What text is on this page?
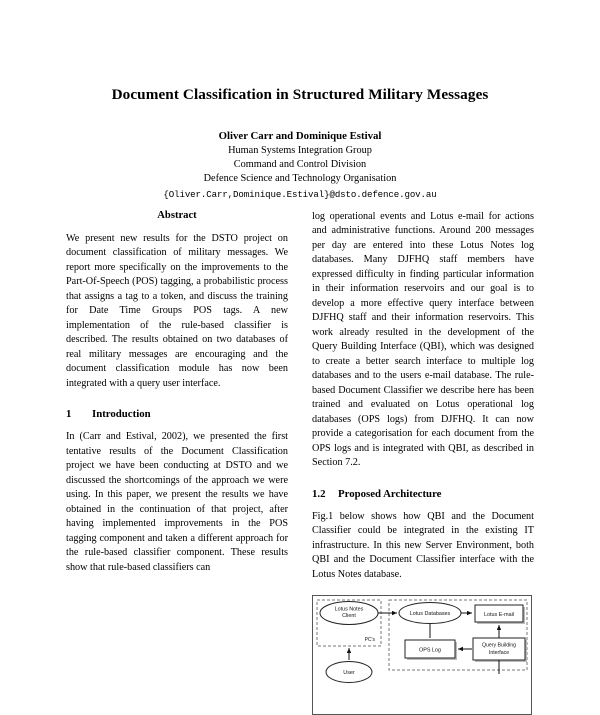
Document Classification in Structured Military Messages
Oliver Carr and Dominique Estival
Human Systems Integration Group
Command and Control Division
Defence Science and Technology Organisation
{Oliver.Carr,Dominique.Estival}@dsto.defence.gov.au
Abstract

We present new results for the DSTO project on document classification of military messages. We report more specifically on the improvements to the Part-Of-Speech (POS) tagging, a probabilistic process that assigns a tag to a token, and discuss the training for Date Time Groups POS tags. A new implementation of the rule-based classifier is described. The results obtained on two databases of real military messages are encouraging and the document classification module has now been integrated with a query user interface.

1	Introduction

In (Carr and Estival, 2002), we presented the first tentative results of the Document Classification project we have been conducting at DSTO and we discussed the shortcomings of the approach we were using. In this paper, we present the results we have obtained in the continuation of that project, after having implemented improvements in the POS tagging component and taken a different approach for the rule-based classifier component. These results show that rule-based classifiers can

log operational events and Lotus e-mail for actions and administrative functions. Around 200 messages per day are entered into these Lotus Notes log databases. Many DJFHQ staff members have expressed difficulty in finding particular information in their information reservoirs and our goal is to develop a more effective query interface between DJFHQ staff and their information reservoirs. This work already resulted in the development of the Query Building Interface (QBI), which was designed to create a better search interface to multiple log databases and to the users e-mail database. The rule-based Document Classifier we describe here has been trained and evaluated on Lotus operational log databases (OPS logs) from DJFHQ. It can now provide a categorisation for each document from the OPS logs and is integrated with QBI, as described in Section 7.2.

1.2	Proposed Architecture

Fig.1 below shows how QBI and the Document Classifier could be integrated in the existing IT infrastructure. In this new Server Environment, both QBI and the Document Classifier interface with the Lotus Notes database.

Lotus Notes
Client
PC's
User
Lotus Databases	Lotus E-mail
OPS Log
Query Building
Interface
